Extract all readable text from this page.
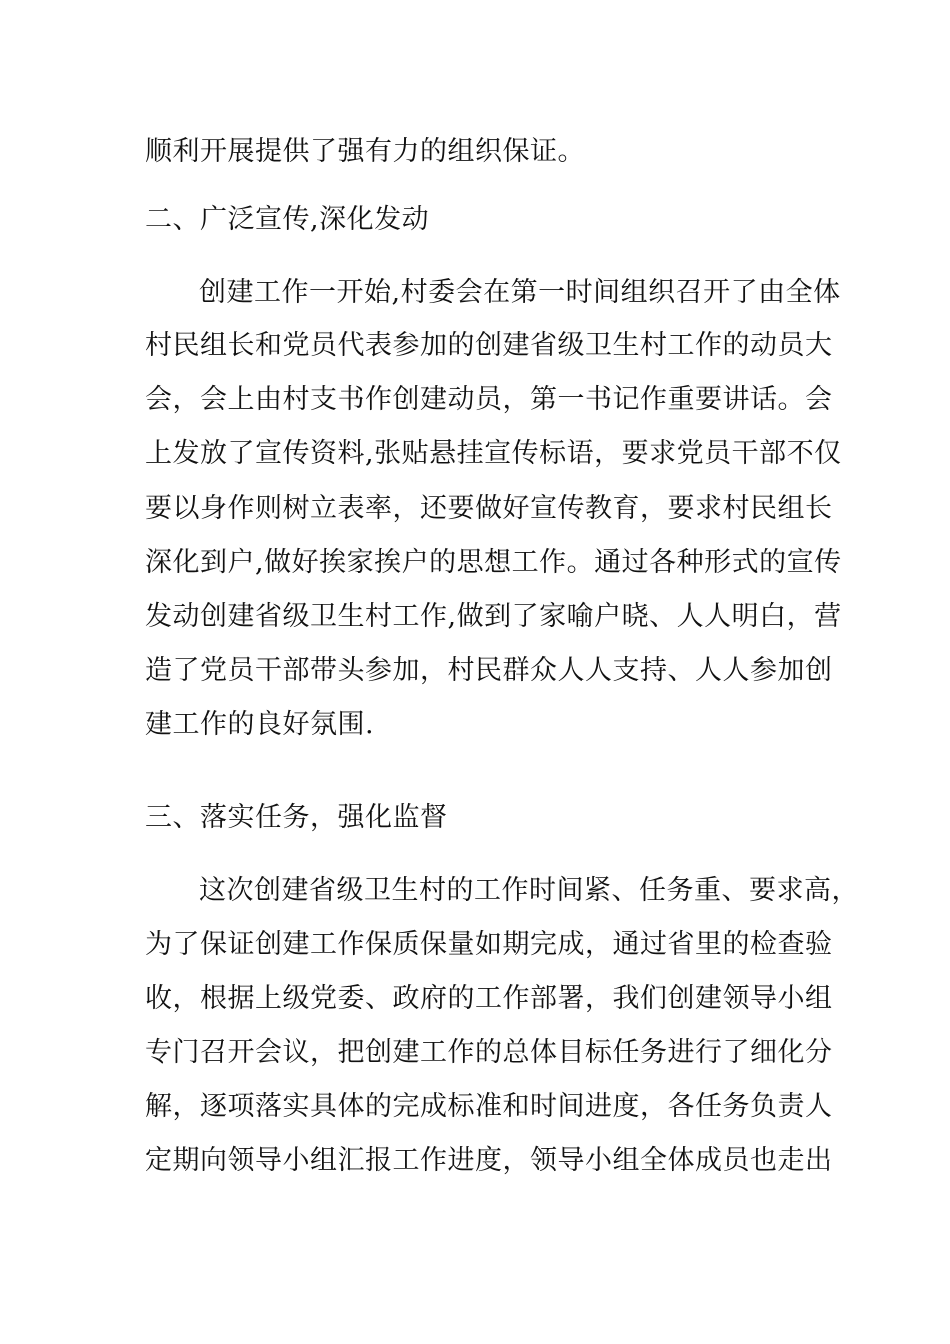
顺利开展提供了强有力的组织保证。
二、广泛宣传,深化发动
创建工作一开始,村委会在第一时间组织召开了由全体
村民组长和党员代表参加的创建省级卫生村工作的动员大
会，会上由村支书作创建动员，第一书记作重要讲话。会
上发放了宣传资料,张贴悬挂宣传标语，要求党员干部不仅
要以身作则树立表率，还要做好宣传教育，要求村民组长
深化到户,做好挨家挨户的思想工作。通过各种形式的宣传
发动创建省级卫生村工作,做到了家喻户晓、人人明白，营
造了党员干部带头参加，村民群众人人支持、人人参加创
建工作的良好氛围.
三、落实任务，强化监督
这次创建省级卫生村的工作时间紧、任务重、要求高，
为了保证创建工作保质保量如期完成，通过省里的检查验
收，根据上级党委、政府的工作部署，我们创建领导小组
专门召开会议，把创建工作的总体目标任务进行了细化分
解，逐项落实具体的完成标准和时间进度，各任务负责人
定期向领导小组汇报工作进度，领导小组全体成员也走出
